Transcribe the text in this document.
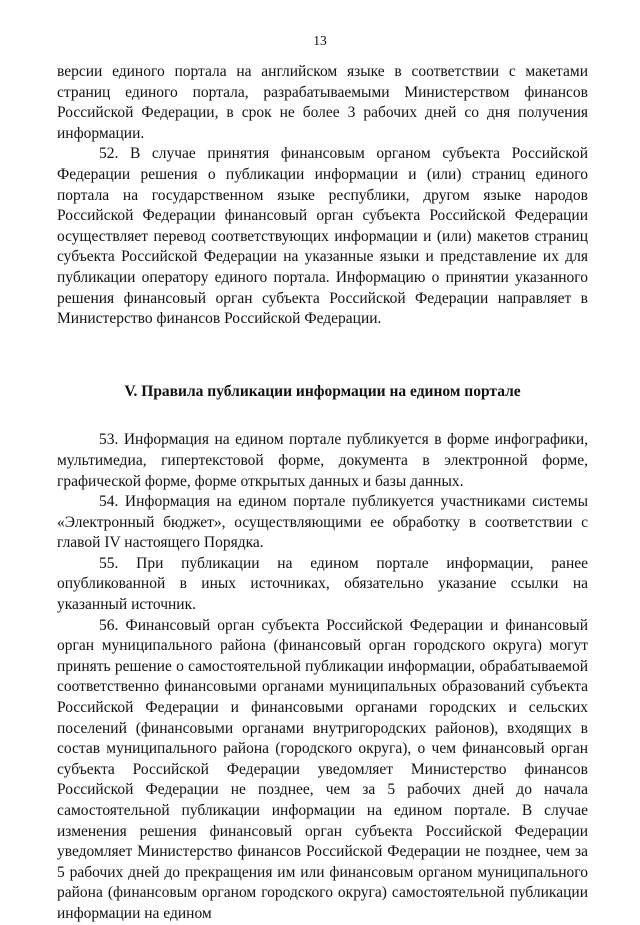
13

версии единого портала на английском языке в соответствии с макетами страниц единого портала, разрабатываемыми Министерством финансов Российской Федерации, в срок не более 3 рабочих дней со дня получения информации.

52. В случае принятия финансовым органом субъекта Российской Федерации решения о публикации информации и (или) страниц единого портала на государственном языке республики, другом языке народов Российской Федерации финансовый орган субъекта Российской Федерации осуществляет перевод соответствующих информации и (или) макетов страниц субъекта Российской Федерации на указанные языки и представление их для публикации оператору единого портала. Информацию о принятии указанного решения финансовый орган субъекта Российской Федерации направляет в Министерство финансов Российской Федерации.

V. Правила публикации информации на едином портале

53. Информация на едином портале публикуется в форме инфографики, мультимедиа, гипертекстовой форме, документа в электронной форме, графической форме, форме открытых данных и базы данных.

54. Информация на едином портале публикуется участниками системы «Электронный бюджет», осуществляющими ее обработку в соответствии с главой IV настоящего Порядка.

55. При публикации на едином портале информации, ранее опубликованной в иных источниках, обязательно указание ссылки на указанный источник.

56. Финансовый орган субъекта Российской Федерации и финансовый орган муниципального района (финансовый орган городского округа) могут принять решение о самостоятельной публикации информации, обрабатываемой соответственно финансовыми органами муниципальных образований субъекта Российской Федерации и финансовыми органами городских и сельских поселений (финансовыми органами внутригородских районов), входящих в состав муниципального района (городского округа), о чем финансовый орган субъекта Российской Федерации уведомляет Министерство финансов Российской Федерации не позднее, чем за 5 рабочих дней до начала самостоятельной публикации информации на едином портале. В случае изменения решения финансовый орган субъекта Российской Федерации уведомляет Министерство финансов Российской Федерации не позднее, чем за 5 рабочих дней до прекращения им или финансовым органом муниципального района (финансовым органом городского округа) самостоятельной публикации информации на едином
